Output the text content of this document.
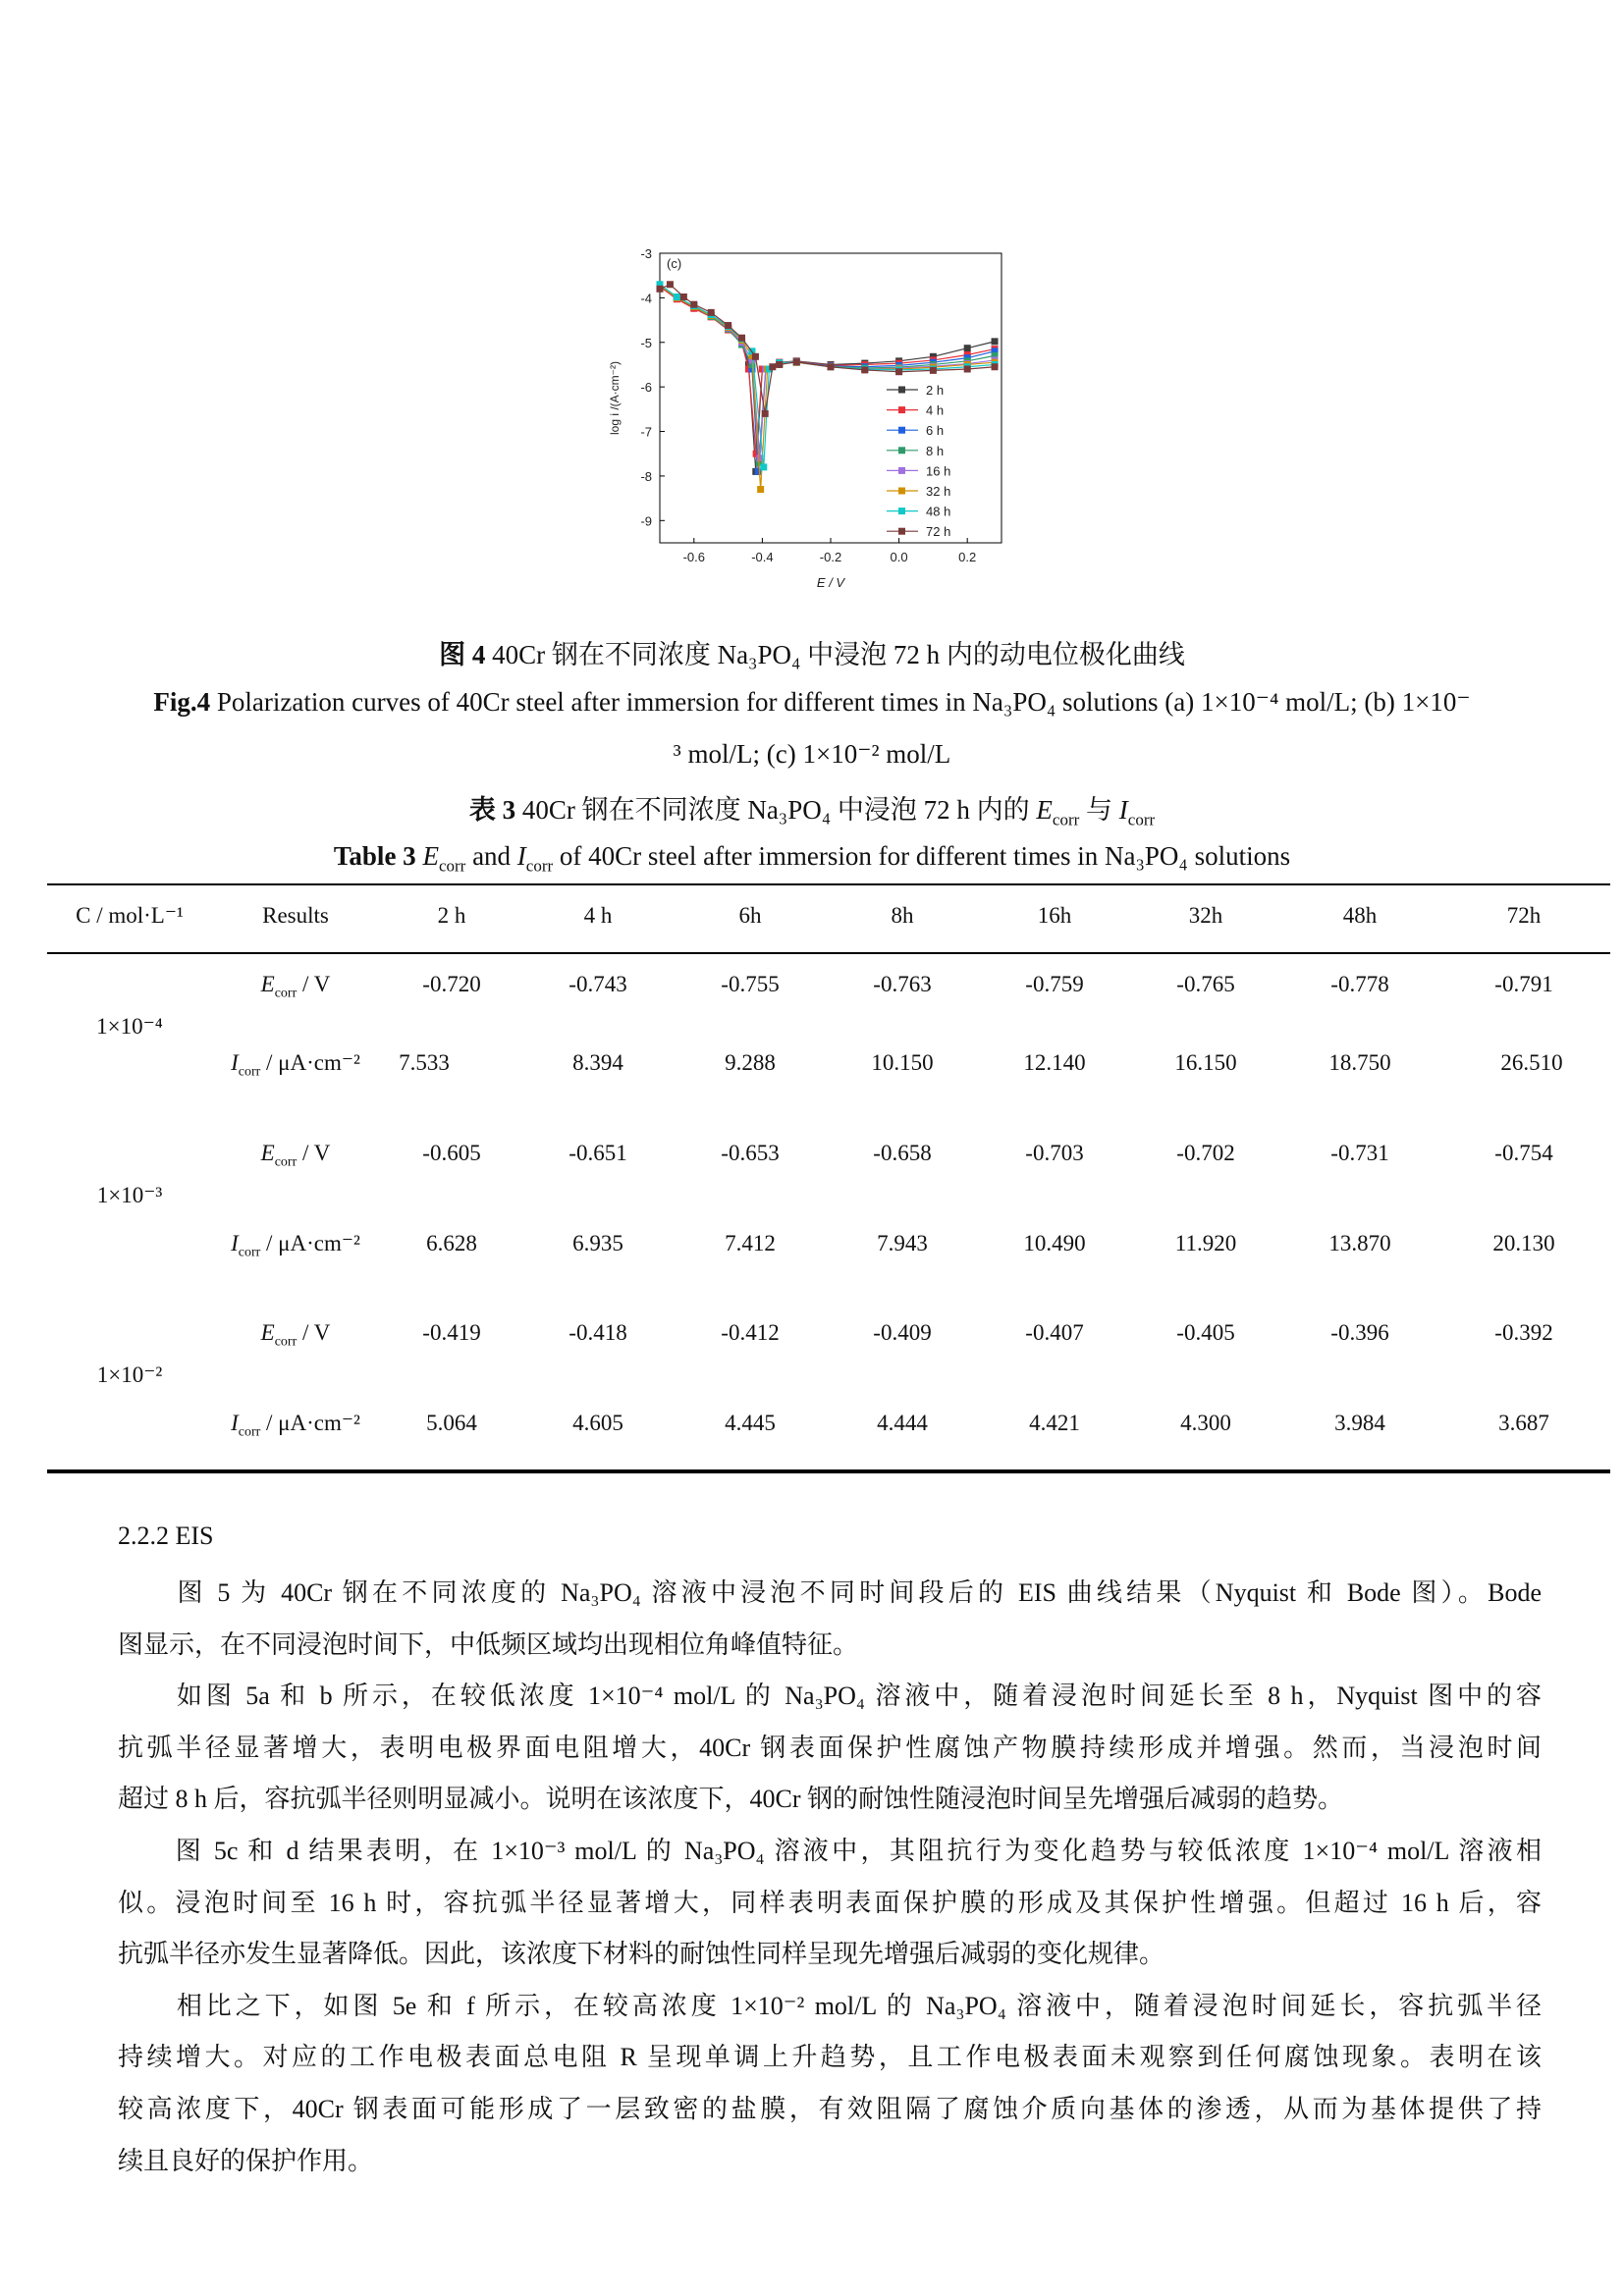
-3
-4
-5
-6
-7
-8
-9
-0.6	-0.4	-0.2	0.0	0.2
E / V
log i /(A·cm⁻²)
(c)
2 h
4 h
6 h
8 h
16 h
32 h
48 h
72 h
图 4 40Cr 钢在不同浓度 Na₃PO₄ 中浸泡 72 h 内的动电位极化曲线
Fig.4 Polarization curves of 40Cr steel after immersion for different times in Na₃PO₄ solutions (a) 1×10⁻⁴ mol/L; (b) 1×10⁻
³ mol/L; (c) 1×10⁻² mol/L
表 3 40Cr 钢在不同浓度 Na₃PO₄ 中浸泡 72 h 内的 $E_{corr}$ 与 $I_{corr}$
Table 3 $E_{corr}$ and $I_{corr}$ of 40Cr steel after immersion for different times in Na₃PO₄ solutions
C / mol·L⁻¹	Results	2 h	4 h	6h	8h	16h	32h	48h	72h
1×10⁻⁴
$E_{corr}$ / V	-0.720	-0.743	-0.755	-0.763	-0.759	-0.765	-0.778	-0.791
$I_{corr} / \mu A\cdot cm^{-2}$ 7.533	8.394	9.288	10.150	12.140	16.150	18.750	26.510
1×10⁻³
$E_{corr}$ / V	-0.605	-0.651	-0.653	-0.658	-0.703	-0.702	-0.731	-0.754
$I_{corr} / \mu A\cdot cm^{-2}$	6.628	6.935	7.412	7.943	10.490	11.920	13.870	20.130
1×10⁻²
$E_{corr}$ / V	-0.419	-0.418	-0.412	-0.409	-0.407	-0.405	-0.396	-0.392
$I_{corr} / \mu A\cdot cm^{-2}$	5.064	4.605	4.445	4.444	4.421	4.300	3.984	3.687
2.2.2 EIS
　　图 5 为 40Cr 钢在不同浓度的 Na₃PO₄ 溶液中浸泡不同时间段后的 EIS 曲线结果（Nyquist 和 Bode 图）。Bode
图显示，在不同浸泡时间下，中低频区域均出现相位角峰值特征。
　　如图 5a 和 b 所示，在较低浓度 1×10⁻⁴ mol/L 的 Na₃PO₄ 溶液中，随着浸泡时间延长至 8 h，Nyquist 图中的容
抗弧半径显著增大，表明电极界面电阻增大，40Cr 钢表面保护性腐蚀产物膜持续形成并增强。然而，当浸泡时间
超过 8 h 后，容抗弧半径则明显减小。说明在该浓度下，40Cr 钢的耐蚀性随浸泡时间呈先增强后减弱的趋势。
　　图 5c 和 d 结果表明，在 1×10⁻³ mol/L 的 Na₃PO₄ 溶液中，其阻抗行为变化趋势与较低浓度 1×10⁻⁴ mol/L 溶液相
似。浸泡时间至 16 h 时，容抗弧半径显著增大，同样表明表面保护膜的形成及其保护性增强。但超过 16 h 后，容
抗弧半径亦发生显著降低。因此，该浓度下材料的耐蚀性同样呈现先增强后减弱的变化规律。
　　相比之下，如图 5e 和 f 所示，在较高浓度 1×10⁻² mol/L 的 Na₃PO₄ 溶液中，随着浸泡时间延长，容抗弧半径
持续增大。对应的工作电极表面总电阻 R 呈现单调上升趋势，且工作电极表面未观察到任何腐蚀现象。表明在该
较高浓度下，40Cr 钢表面可能形成了一层致密的盐膜，有效阻隔了腐蚀介质向基体的渗透，从而为基体提供了持
续且良好的保护作用。
